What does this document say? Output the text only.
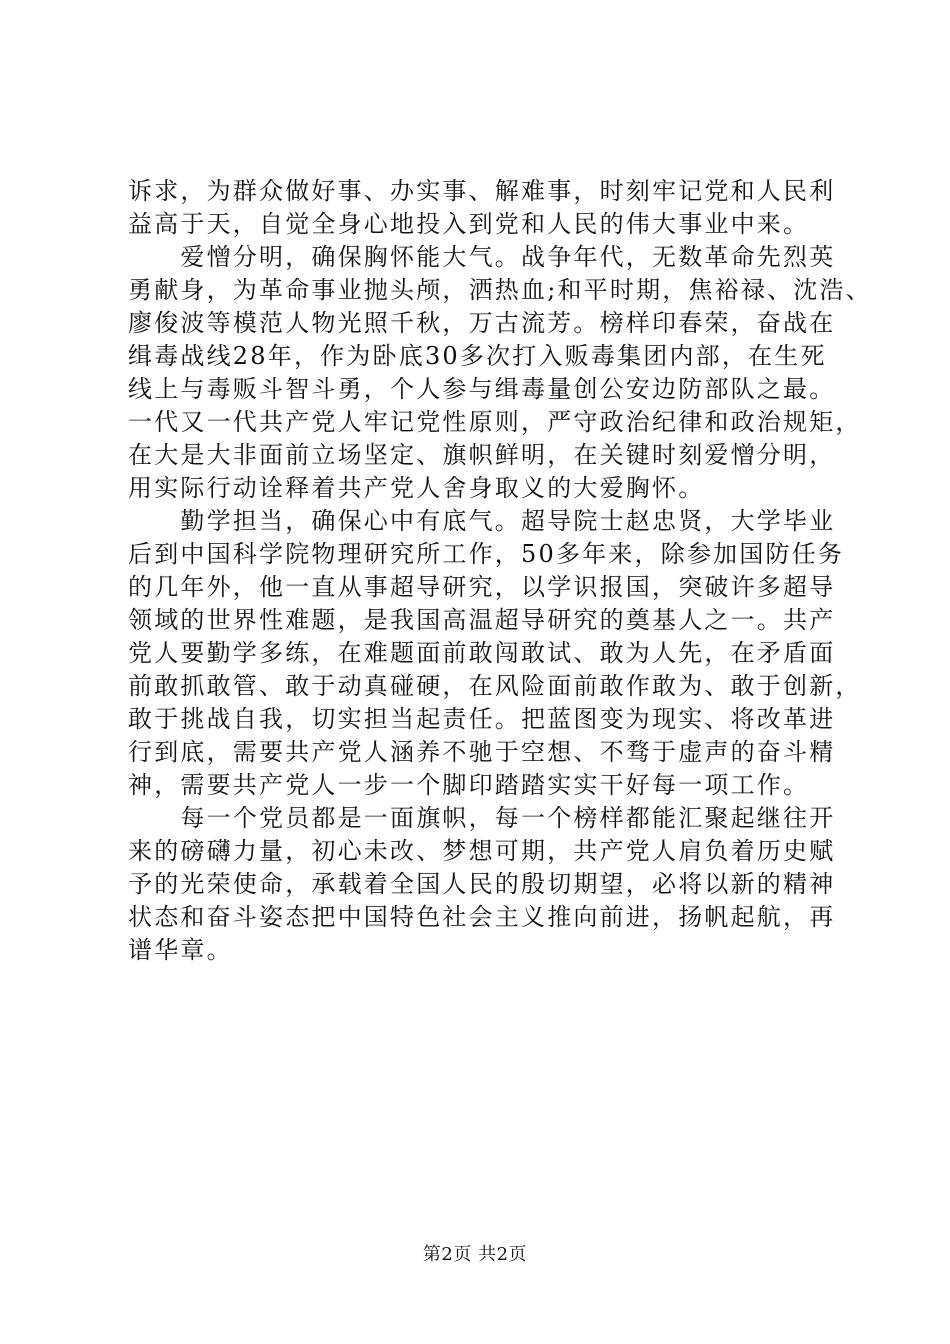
诉求，为群众做好事、办实事、解难事，时刻牢记党和人民利
益高于天，自觉全身心地投入到党和人民的伟大事业中来。
　　爱憎分明，确保胸怀能大气。战争年代，无数革命先烈英
勇献身，为革命事业抛头颅，洒热血;和平时期，焦裕禄、沈浩、
廖俊波等模范人物光照千秋，万古流芳。榜样印春荣，奋战在
缉毒战线28年，作为卧底30多次打入贩毒集团内部，在生死
线上与毒贩斗智斗勇，个人参与缉毒量创公安边防部队之最。
一代又一代共产党人牢记党性原则，严守政治纪律和政治规矩，
在大是大非面前立场坚定、旗帜鲜明，在关键时刻爱憎分明，
用实际行动诠释着共产党人舍身取义的大爱胸怀。
　　勤学担当，确保心中有底气。超导院士赵忠贤，大学毕业
后到中国科学院物理研究所工作，50多年来，除参加国防任务
的几年外，他一直从事超导研究，以学识报国，突破许多超导
领域的世界性难题，是我国高温超导研究的奠基人之一。共产
党人要勤学多练，在难题面前敢闯敢试、敢为人先，在矛盾面
前敢抓敢管、敢于动真碰硬，在风险面前敢作敢为、敢于创新，
敢于挑战自我，切实担当起责任。把蓝图变为现实、将改革进
行到底，需要共产党人涵养不驰于空想、不骛于虚声的奋斗精
神，需要共产党人一步一个脚印踏踏实实干好每一项工作。
　　每一个党员都是一面旗帜，每一个榜样都能汇聚起继往开
来的磅礴力量，初心未改、梦想可期，共产党人肩负着历史赋
予的光荣使命，承载着全国人民的殷切期望，必将以新的精神
状态和奋斗姿态把中国特色社会主义推向前进，扬帆起航，再
谱华章。
第2页 共2页
